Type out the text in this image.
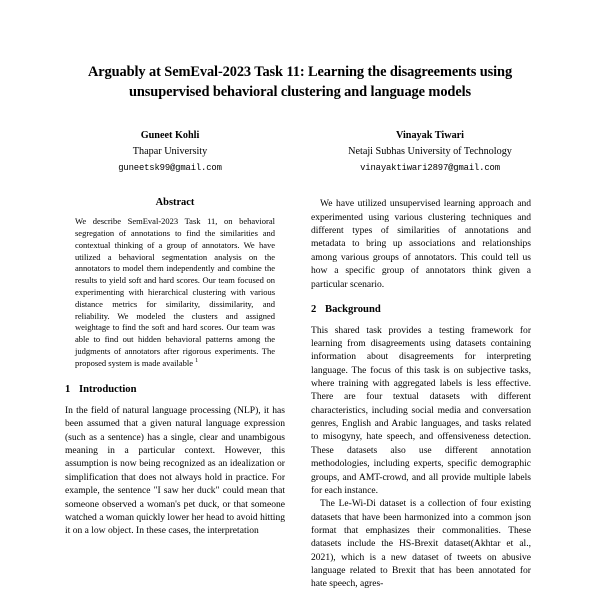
Arguably at SemEval-2023 Task 11: Learning the disagreements using unsupervised behavioral clustering and language models
Guneet Kohli
Thapar University
guneetsk99@gmail.com
Vinayak Tiwari
Netaji Subhas University of Technology
vinayaktiwari2897@gmail.com
Abstract

We describe SemEval-2023 Task 11, on behavioral segregation of annotations to find the similarities and contextual thinking of a group of annotators. We have utilized a behavioral segmentation analysis on the annotators to model them independently and combine the results to yield soft and hard scores. Our team focused on experimenting with hierarchical clustering with various distance metrics for similarity, dissimilarity, and reliability. We modeled the clusters and assigned weightage to find the soft and hard scores. Our team was able to find out hidden behavioral patterns among the judgments of annotators after rigorous experiments. The proposed system is made available $^1$

1 Introduction

In the field of natural language processing (NLP), it has been assumed that a given natural language expression (such as a sentence) has a single, clear and unambigous meaning in a particular context. However, this assumption is now being recognized as an idealization or simplification that does not always hold in practice. For example, the sentence "I saw her duck" could mean that someone observed a woman's pet duck, or that someone watched a woman quickly lower her head to avoid hitting it on a low object. In these cases, the interpretation

We have utilized unsupervised learning approach and experimented using various clustering techniques and different types of similarities of annotations and metadata to bring up associations and relationships among various groups of annotators. This could tell us how a specific group of annotators think given a particular scenario.

2 Background

This shared task provides a testing framework for learning from disagreements using datasets containing information about disagreements for interpreting language. The focus of this task is on subjective tasks, where training with aggregated labels is less effective. There are four textual datasets with different characteristics, including social media and conversation genres, English and Arabic languages, and tasks related to misogyny, hate speech, and offensiveness detection. These datasets also use different annotation methodologies, including experts, specific demographic groups, and AMT-crowd, and all provide multiple labels for each instance.

The Le-Wi-Di dataset is a collection of four existing datasets that have been harmonized into a common json format that emphasizes their commonalities. These datasets include the HS-Brexit dataset(Akhtar et al., 2021), which is a new dataset of tweets on abusive language related to Brexit that has been annotated for hate speech, agres-
